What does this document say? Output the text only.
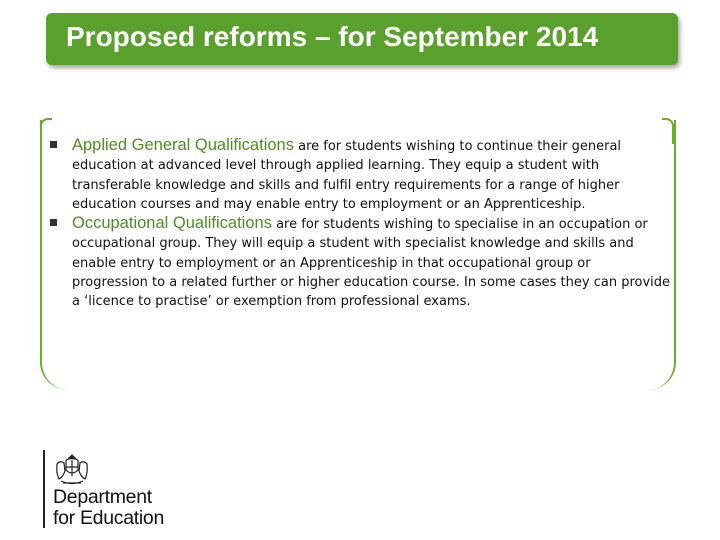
Proposed reforms – for September 2014
Applied General Qualifications are for students wishing to continue their general education at advanced level through applied learning. They equip a student with transferable knowledge and skills and fulfil entry requirements for a range of higher education courses and may enable entry to employment or an Apprenticeship.
Occupational Qualifications are for students wishing to specialise in an occupation or occupational group. They will equip a student with specialist knowledge and skills and enable entry to employment or an Apprenticeship in that occupational group or progression to a related further or higher education course. In some cases they can provide a ‘licence to practise’ or exemption from professional exams.
Department
for Education
